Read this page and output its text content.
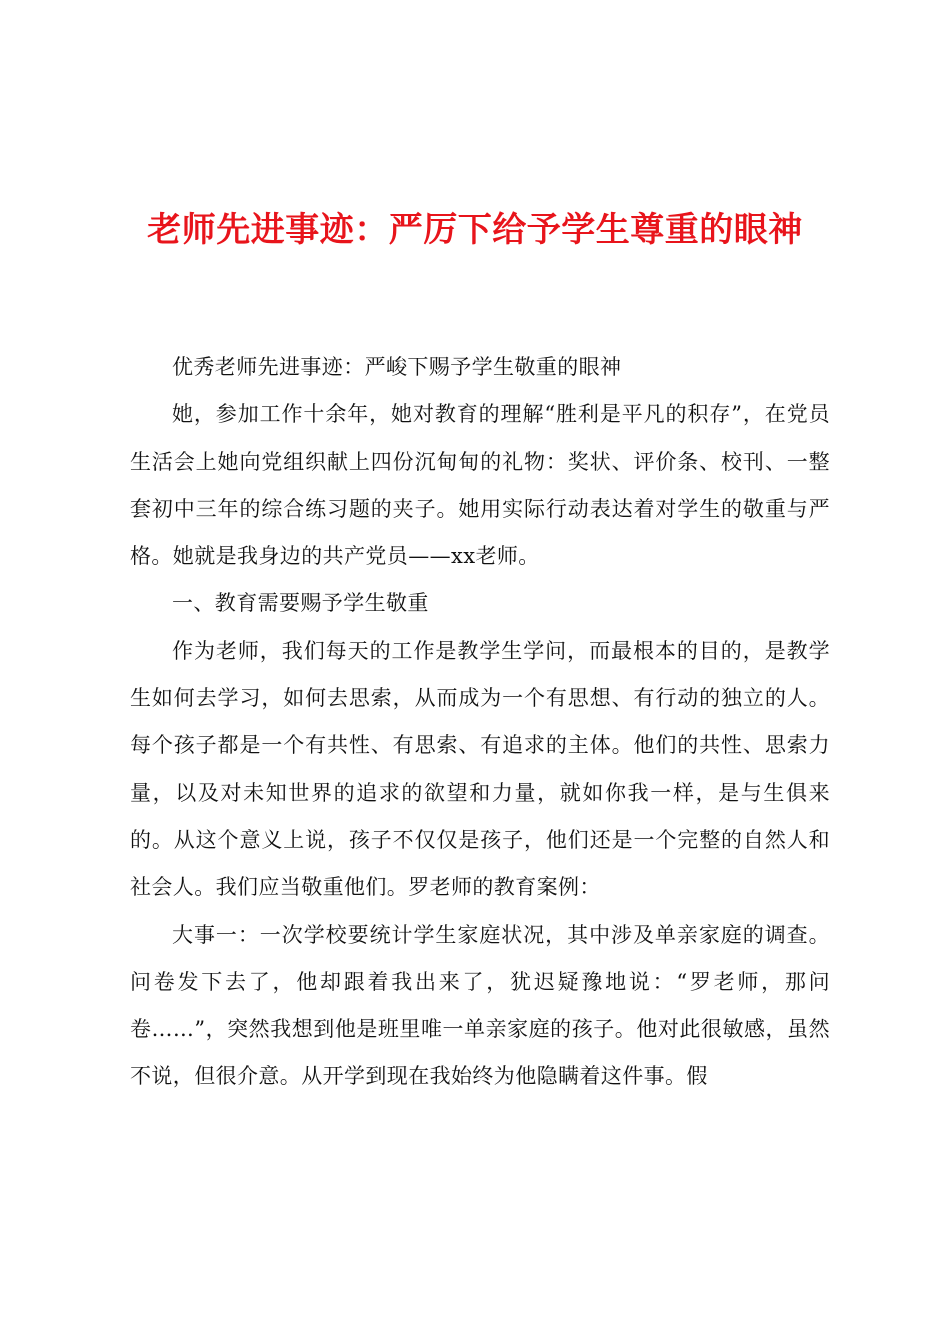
老师先进事迹：严厉下给予学生尊重的眼神

优秀老师先进事迹：严峻下赐予学生敬重的眼神

她，参加工作十余年，她对教育的理解“胜利是平凡的积存”，在党员生活会上她向党组织献上四份沉甸甸的礼物：奖状、评价条、校刊、一整套初中三年的综合练习题的夹子。她用实际行动表达着对学生的敬重与严格。她就是我身边的共产党员——xx老师。

一、教育需要赐予学生敬重

作为老师，我们每天的工作是教学生学问，而最根本的目的，是教学生如何去学习，如何去思索，从而成为一个有思想、有行动的独立的人。每个孩子都是一个有共性、有思索、有追求的主体。他们的共性、思索力量，以及对未知世界的追求的欲望和力量，就如你我一样，是与生俱来的。从这个意义上说，孩子不仅仅是孩子，他们还是一个完整的自然人和社会人。我们应当敬重他们。罗老师的教育案例：

大事一：一次学校要统计学生家庭状况，其中涉及单亲家庭的调查。问卷发下去了，他却跟着我出来了，犹迟疑豫地说：“罗老师，那问卷……”，突然我想到他是班里唯一单亲家庭的孩子。他对此很敏感，虽然不说，但很介意。从开学到现在我始终为他隐瞒着这件事。假
